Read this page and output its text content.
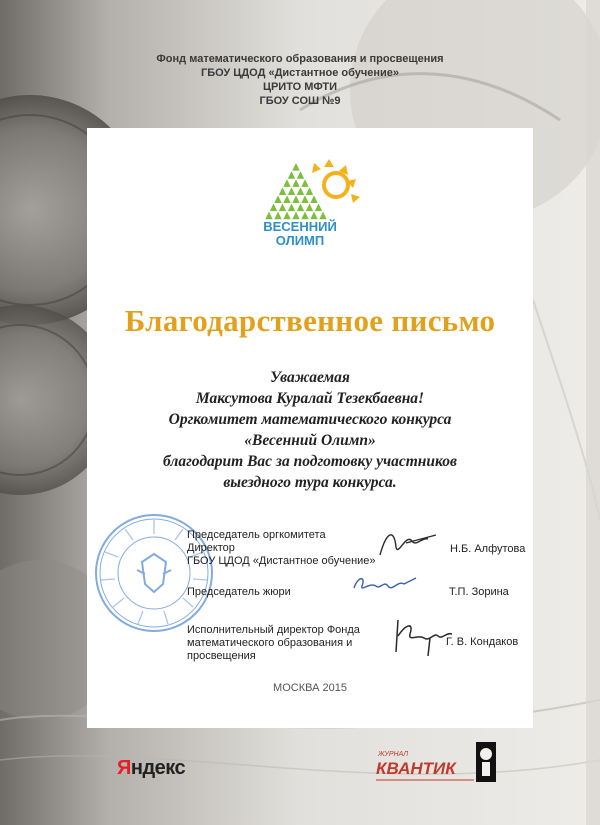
Фонд математического образования и просвещения
ГБОУ ЦДОД «Дистантное обучение»
ЦРИТО МФТИ
ГБОУ СОШ №9
ВЕСЕННИЙ
ОЛИМП
Благодарственное письмо
Уважаемая
Максутова Куралай Тезекбаевна!
Оргкомитет математического конкурса
«Весенний Олимп»
благодарит Вас за подготовку участников
выездного тура конкурса.
Председатель оргкомитета
Директор
ГБОУ ЦДОД «Дистантное обучение»
Н.Б. Алфутова
Председатель жюри	Т.П. Зорина
Исполнительный директор Фонда
математического образования и
просвещения
Г. В. Кондаков
МОСКВА 2015
Яндекс
ЖУРНАЛ
КВАНТИК
